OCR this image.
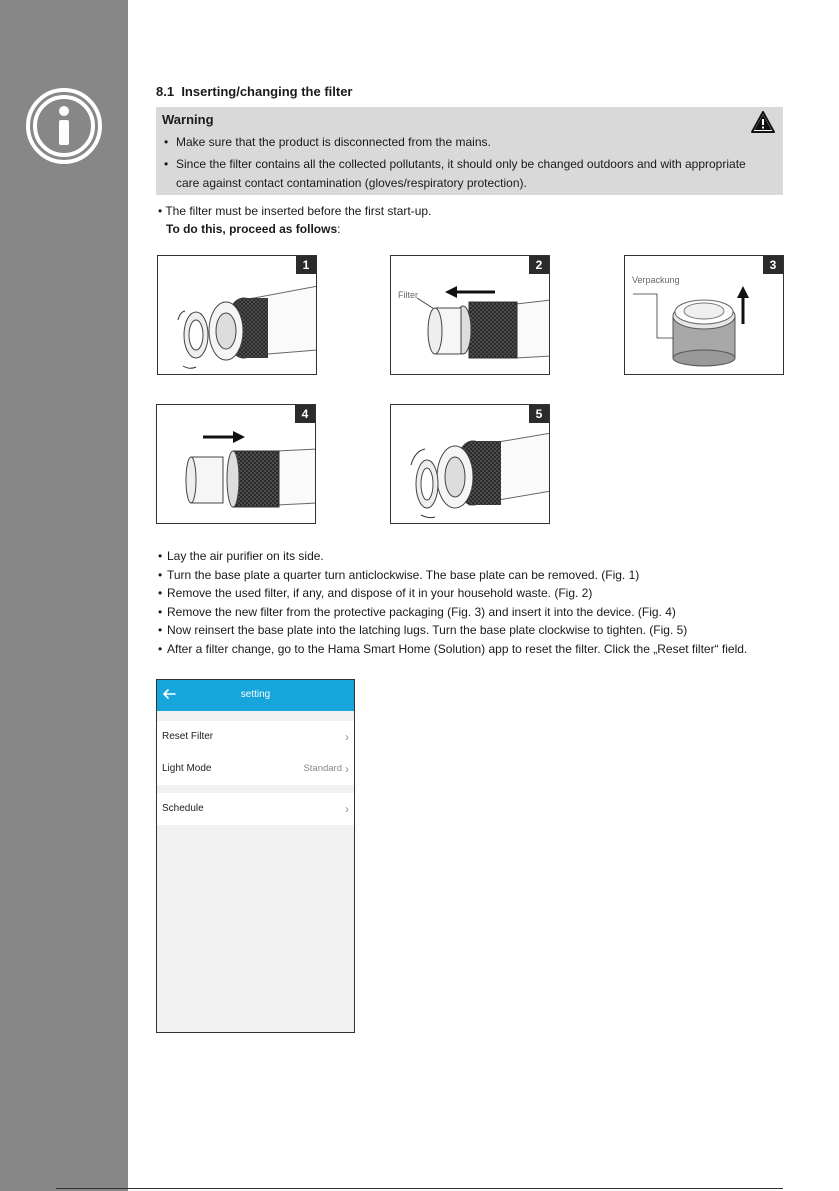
8.1 Inserting/changing the filter
Warning
• Make sure that the product is disconnected from the mains.
• Since the filter contains all the collected pollutants, it should only be changed outdoors and with appropriate care against contact contamination (gloves/respiratory protection).
• The filter must be inserted before the first start-up.
To do this, proceed as follows:
1
Filter
2
Verpackung
3
4	5
• Lay the air purifier on its side.
• Turn the base plate a quarter turn anticlockwise. The base plate can be removed. (Fig. 1)
• Remove the used filter, if any, and dispose of it in your household waste. (Fig. 2)
• Remove the new filter from the protective packaging (Fig. 3) and insert it into the device. (Fig. 4)
• Now reinsert the base plate into the latching lugs. Turn the base plate clockwise to tighten. (Fig. 5)
• After a filter change, go to the Hama Smart Home (Solution) app to reset the filter. Click the „Reset filter“ field.
setting
Reset Filter	›
Light Mode	Standard ›
Schedule	›
